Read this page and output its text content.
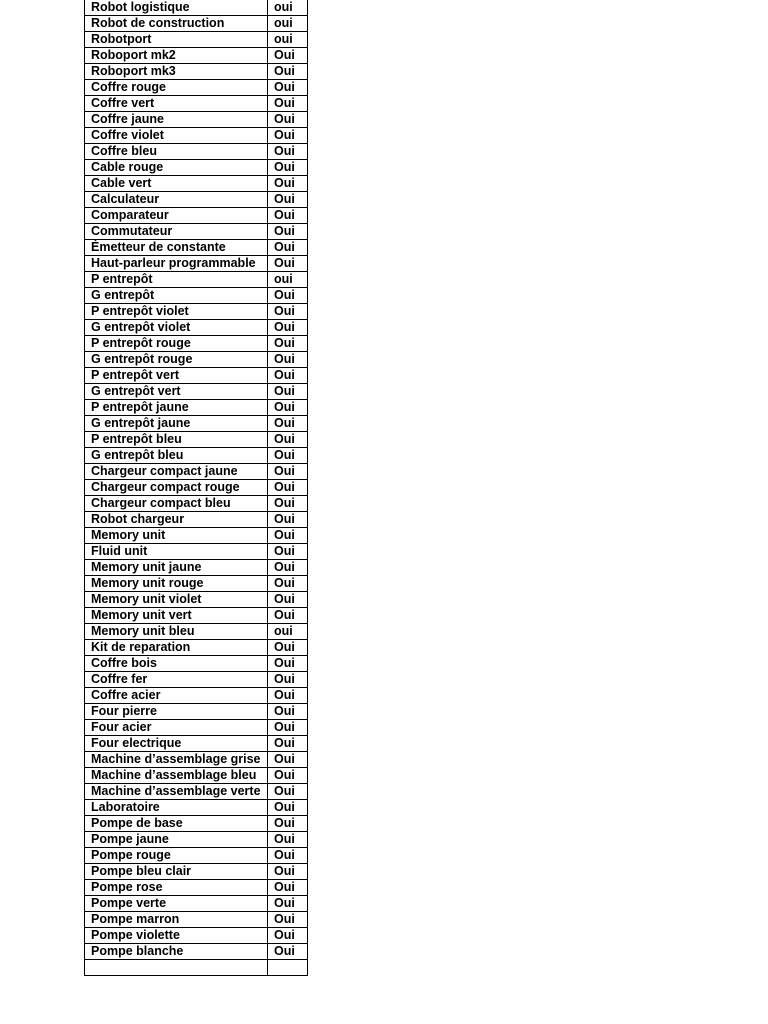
Robot logistique	oui
Robot de construction	oui
Robotport	oui
Roboport mk2	Oui
Roboport mk3	Oui
Coffre rouge	Oui
Coffre vert	Oui
Coffre jaune	Oui
Coffre violet	Oui
Coffre bleu	Oui
Cable rouge	Oui
Cable vert	Oui
Calculateur	Oui
Comparateur	Oui
Commutateur	Oui
Émetteur de constante	Oui
Haut-parleur programmable	Oui
P entrepôt	oui
G entrepôt	Oui
P entrepôt violet	Oui
G entrepôt violet	Oui
P entrepôt rouge	Oui
G entrepôt rouge	Oui
P entrepôt vert	Oui
G entrepôt vert	Oui
P entrepôt jaune	Oui
G entrepôt jaune	Oui
P entrepôt bleu	Oui
G entrepôt bleu	Oui
Chargeur compact jaune	Oui
Chargeur compact rouge	Oui
Chargeur compact bleu	Oui
Robot chargeur	Oui
Memory unit	Oui
Fluid unit	Oui
Memory unit jaune	Oui
Memory unit rouge	Oui
Memory unit violet	Oui
Memory unit vert	Oui
Memory unit bleu	oui
Kit de reparation	Oui
Coffre bois	Oui
Coffre fer	Oui
Coffre acier	Oui
Four pierre	Oui
Four acier	Oui
Four electrique	Oui
Machine d’assemblage grise	Oui
Machine d’assemblage bleu	Oui
Machine d’assemblage verte	Oui
Laboratoire	Oui
Pompe de base	Oui
Pompe jaune	Oui
Pompe rouge	Oui
Pompe bleu clair	Oui
Pompe rose	Oui
Pompe verte	Oui
Pompe marron	Oui
Pompe violette	Oui
Pompe blanche	Oui
